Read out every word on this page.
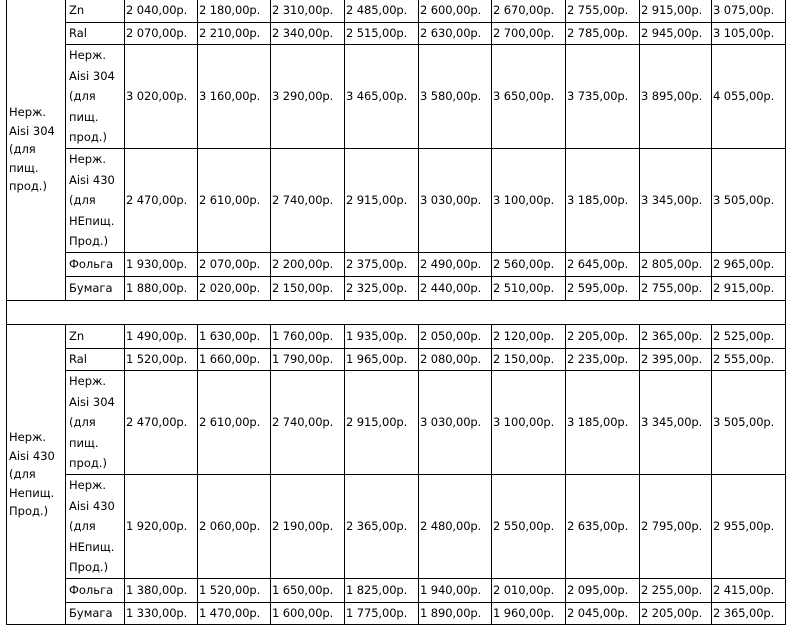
Нерж. Aisi 304 (для пищ. прод.)	Zn	2 040,00р.	2 180,00р.	2 310,00р.	2 485,00р.	2 600,00р.	2 670,00р.	2 755,00р.	2 915,00р.	3 075,00р.
	Ral	2 070,00р.	2 210,00р.	2 340,00р.	2 515,00р.	2 630,00р.	2 700,00р.	2 785,00р.	2 945,00р.	3 105,00р.
	Нерж. Aisi 304 (для пищ. прод.)	3 020,00р.	3 160,00р.	3 290,00р.	3 465,00р.	3 580,00р.	3 650,00р.	3 735,00р.	3 895,00р.	4 055,00р.
	Нерж. Aisi 430 (для НЕпищ. Прод.)	2 470,00р.	2 610,00р.	2 740,00р.	2 915,00р.	3 030,00р.	3 100,00р.	3 185,00р.	3 345,00р.	3 505,00р.
	Фольга	1 930,00р.	2 070,00р.	2 200,00р.	2 375,00р.	2 490,00р.	2 560,00р.	2 645,00р.	2 805,00р.	2 965,00р.
	Бумага	1 880,00р.	2 020,00р.	2 150,00р.	2 325,00р.	2 440,00р.	2 510,00р.	2 595,00р.	2 755,00р.	2 915,00р.

Нерж. Aisi 430 (для Непищ. Прод.)	Zn	1 490,00р.	1 630,00р.	1 760,00р.	1 935,00р.	2 050,00р.	2 120,00р.	2 205,00р.	2 365,00р.	2 525,00р.
	Ral	1 520,00р.	1 660,00р.	1 790,00р.	1 965,00р.	2 080,00р.	2 150,00р.	2 235,00р.	2 395,00р.	2 555,00р.
	Нерж. Aisi 304 (для пищ. прод.)	2 470,00р.	2 610,00р.	2 740,00р.	2 915,00р.	3 030,00р.	3 100,00р.	3 185,00р.	3 345,00р.	3 505,00р.
	Нерж. Aisi 430 (для НЕпищ. Прод.)	1 920,00р.	2 060,00р.	2 190,00р.	2 365,00р.	2 480,00р.	2 550,00р.	2 635,00р.	2 795,00р.	2 955,00р.
	Фольга	1 380,00р.	1 520,00р.	1 650,00р.	1 825,00р.	1 940,00р.	2 010,00р.	2 095,00р.	2 255,00р.	2 415,00р.
	Бумага	1 330,00р.	1 470,00р.	1 600,00р.	1 775,00р.	1 890,00р.	1 960,00р.	2 045,00р.	2 205,00р.	2 365,00р.
